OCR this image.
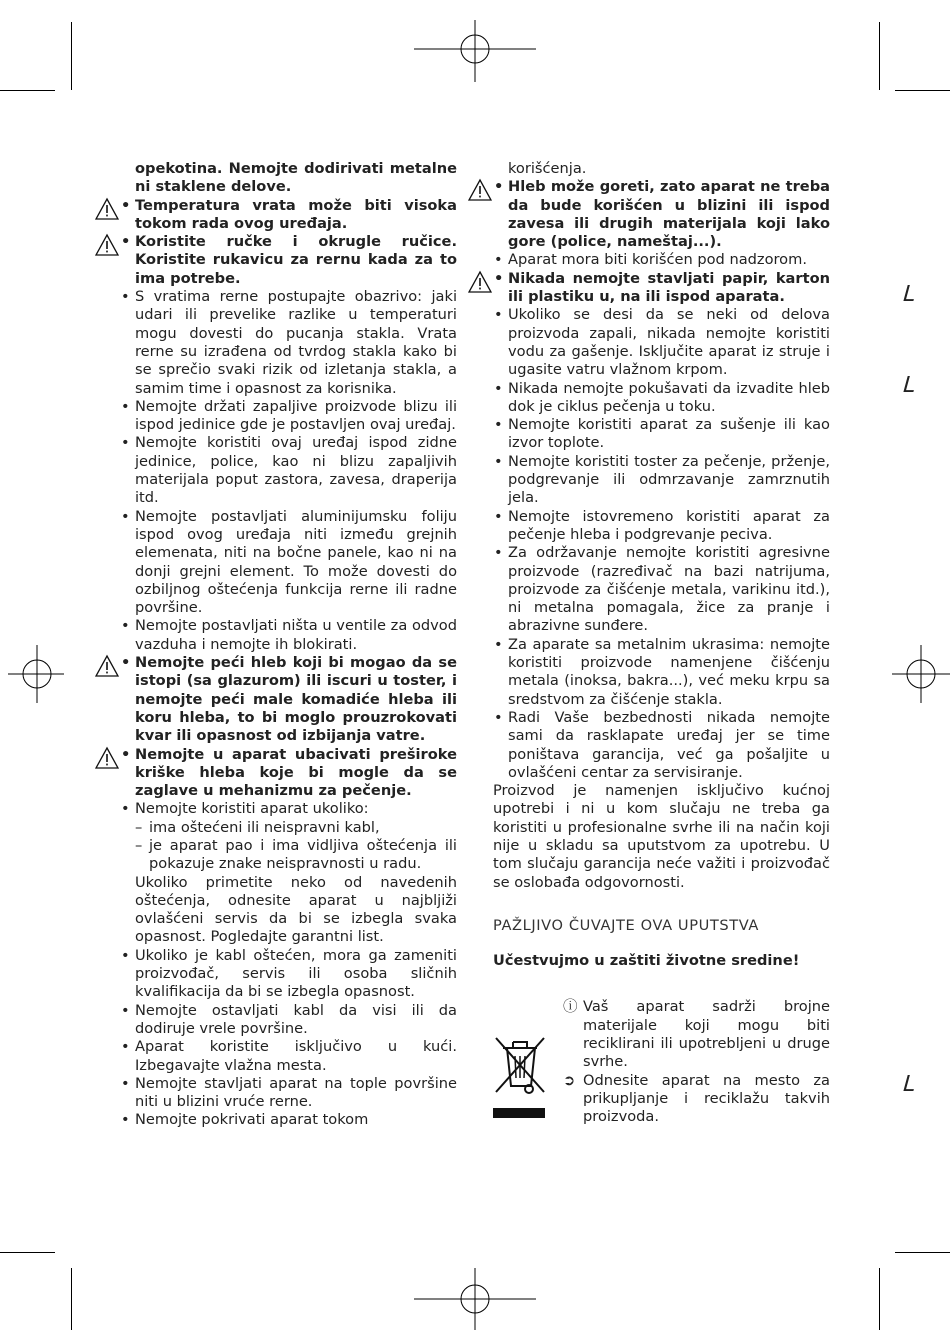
L
L
L
opekotina. Nemojte dodirivati metalne ni staklene delove.
• Temperatura vrata može biti visoka tokom rada ovog uređaja.
• Koristite ručke i okrugle ručice. Koristite rukavicu za rernu kada za to ima potrebe.
• S vratima rerne postupajte obazrivo: jaki udari ili prevelike razlike u temperaturi mogu dovesti do pucanja stakla. Vrata rerne su izrađena od tvrdog stakla kako bi se sprečio svaki rizik od izletanja stakla, a samim time i opasnost za korisnika.
• Nemojte držati zapaljive proizvode blizu ili ispod jedinice gde je postavljen ovaj uređaj.
• Nemojte koristiti ovaj uređaj ispod zidne jedinice, police, kao ni blizu zapaljivih materijala poput zastora, zavesa, draperija itd.
• Nemojte postavljati aluminijumsku foliju ispod ovog uređaja niti između grejnih elemenata, niti na bočne panele, kao ni na donji grejni element. To može dovesti do ozbiljnog oštećenja funkcija rerne ili radne površine.
• Nemojte postavljati ništa u ventile za odvod vazduha i nemojte ih blokirati.
• Nemojte peći hleb koji bi mogao da se istopi (sa glazurom) ili iscuri u toster, i nemojte peći male komadiće hleba ili koru hleba, to bi moglo prouzrokovati kvar ili opasnost od izbijanja vatre.
• Nemojte u aparat ubacivati preširoke kriške hleba koje bi mogle da se zaglave u mehanizmu za pečenje.
• Nemojte koristiti aparat ukoliko:
– ima oštećeni ili neispravni kabl,
– je aparat pao i ima vidljiva oštećenja ili pokazuje znake neispravnosti u radu.
Ukoliko primetite neko od navedenih oštećenja, odnesite aparat u najbljiži ovlašćeni servis da bi se izbegla svaka opasnost. Pogledajte garantni list.
• Ukoliko je kabl oštećen, mora ga zameniti proizvođač, servis ili osoba sličnih kvalifikacija da bi se izbegla opasnost.
• Nemojte ostavljati kabl da visi ili da dodiruje vrele površine.
• Aparat koristite isključivo u kući. Izbegavajte vlažna mesta.
• Nemojte stavljati aparat na tople površine niti u blizini vruće rerne.
• Nemojte pokrivati aparat tokom
korišćenja.
• Hleb može goreti, zato aparat ne treba da bude korišćen u blizini ili ispod zavesa ili drugih materijala koji lako gore (police, nameštaj...).
• Aparat mora biti korišćen pod nadzorom.
• Nikada nemojte stavljati papir, karton ili plastiku u, na ili ispod aparata.
• Ukoliko se desi da se neki od delova proizvoda zapali, nikada nemojte koristiti vodu za gašenje. Isključite aparat iz struje i ugasite vatru vlažnom krpom.
• Nikada nemojte pokušavati da izvadite hleb dok je ciklus pečenja u toku.
• Nemojte koristiti aparat za sušenje ili kao izvor toplote.
• Nemojte koristiti toster za pečenje, prženje, podgrevanje ili odmrzavanje zamrznutih jela.
• Nemojte istovremeno koristiti aparat za pečenje hleba i podgrevanje peciva.
• Za održavanje nemojte koristiti agresivne proizvode (razređivač na bazi natrijuma, proizvode za čišćenje metala, varikinu itd.), ni metalna pomagala, žice za pranje i abrazivne sunđere.
• Za aparate sa metalnim ukrasima: nemojte koristiti proizvode namenjene čišćenju metala (inoksa, bakra...), već meku krpu sa sredstvom za čišćenje stakla.
• Radi Vaše bezbednosti nikada nemojte sami da rasklapate uređaj jer se time poništava garancija, već ga pošaljite u ovlašćeni centar za servisiranje.
Proizvod je namenjen isključivo kućnoj upotrebi i ni u kom slučaju ne treba ga koristiti u profesionalne svrhe ili na način koji nije u skladu sa uputstvom za upotrebu. U tom slučaju garancija neće važiti i proizvođač se oslobađa odgovornosti.
PAŽLJIVO ČUVAJTE OVA UPUTSTVA
Učestvujmo u zaštiti životne sredine!
ⓘ Vaš aparat sadrži brojne materijale koji mogu biti reciklirani ili upotrebljeni u druge svrhe.
➲ Odnesite aparat na mesto za prikupljanje i reciklažu takvih proizvoda.
